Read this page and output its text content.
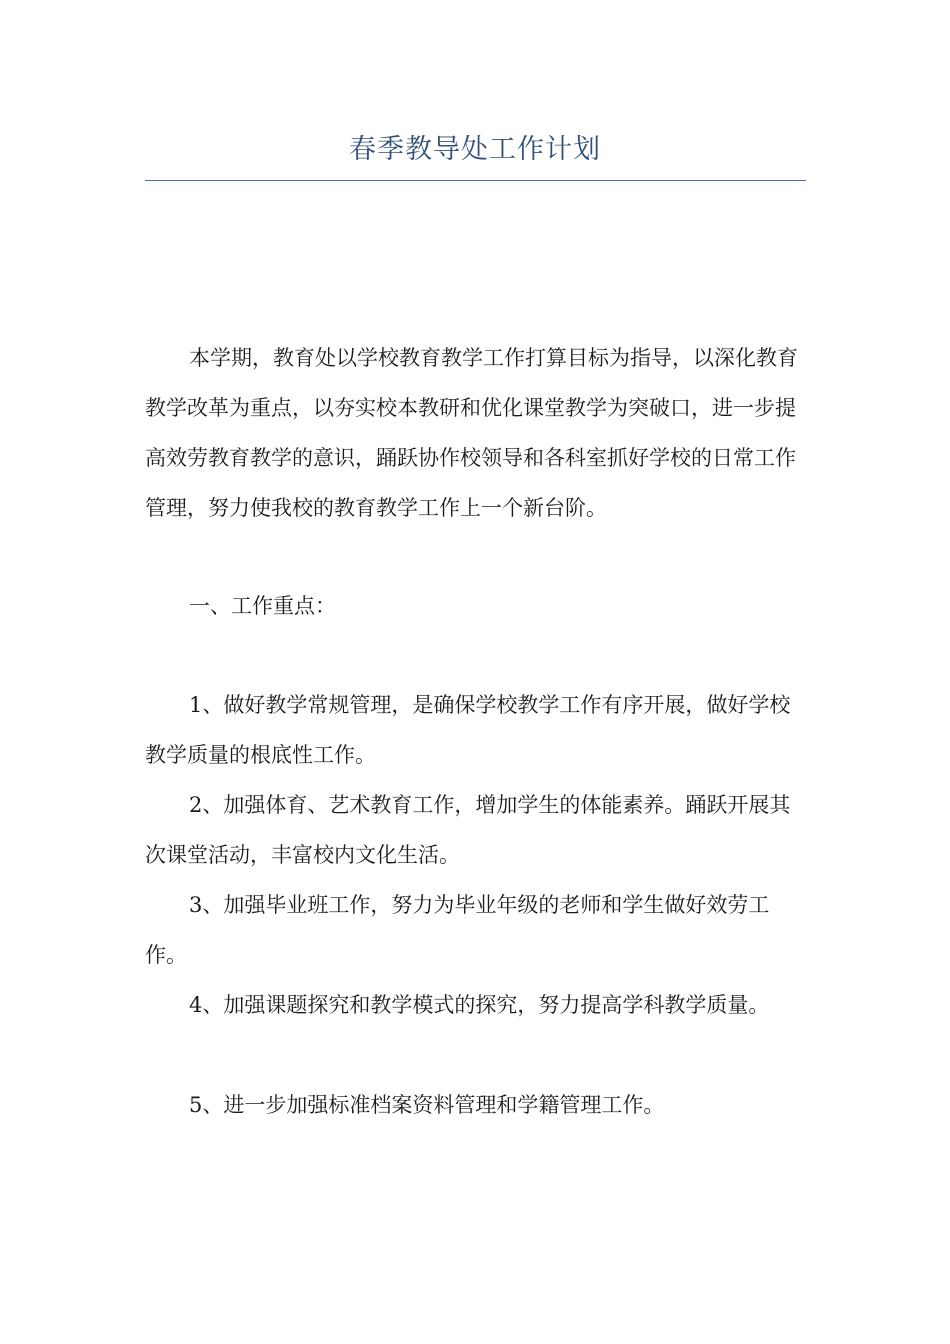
春季教导处工作计划

本学期，教育处以学校教育教学工作打算目标为指导，以深化教育教学改革为重点，以夯实校本教研和优化课堂教学为突破口，进一步提高效劳教育教学的意识，踊跃协作校领导和各科室抓好学校的日常工作管理，努力使我校的教育教学工作上一个新台阶。

一、工作重点：

1、做好教学常规管理，是确保学校教学工作有序开展，做好学校教学质量的根底性工作。

2、加强体育、艺术教育工作，增加学生的体能素养。踊跃开展其次课堂活动，丰富校内文化生活。

3、加强毕业班工作，努力为毕业年级的老师和学生做好效劳工作。

4、加强课题探究和教学模式的探究，努力提高学科教学质量。

5、进一步加强标准档案资料管理和学籍管理工作。
